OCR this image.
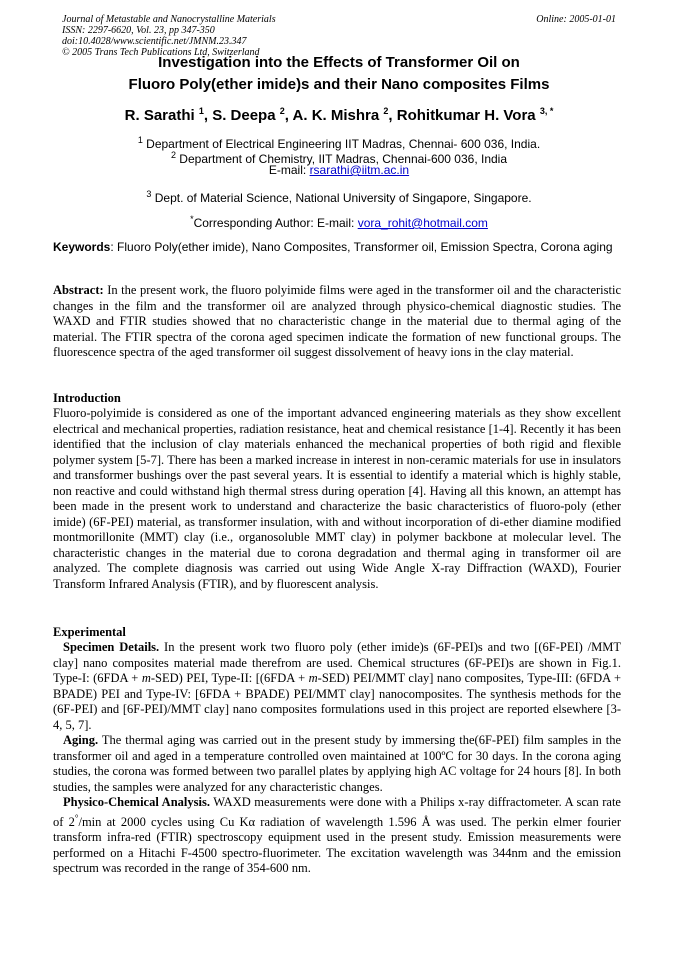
Journal of Metastable and Nanocrystalline Materials
ISSN: 2297-6620, Vol. 23, pp 347-350
doi:10.4028/www.scientific.net/JMNM.23.347
© 2005 Trans Tech Publications Ltd, Switzerland
Online: 2005-01-01
Investigation into the Effects of Transformer Oil on
Fluoro Poly(ether imide)s and their Nano composites Films
R. Sarathi $^1$, S. Deepa $^2$, A. K. Mishra $^2$, Rohitkumar H. Vora $^{3, *}$
$^1$ Department of Electrical Engineering IIT Madras, Chennai- 600 036, India.
$^2$ Department of Chemistry, IIT Madras, Chennai-600 036, India
E-mail: rsarathi@iitm.ac.in
$^3$ Dept. of Material Science, National University of Singapore, Singapore.
*Corresponding Author: E-mail: vora_rohit@hotmail.com
Keywords: Fluoro Poly(ether imide), Nano Composites, Transformer oil, Emission Spectra, Corona aging
Abstract: In the present work, the fluoro polyimide films were aged in the transformer oil and the characteristic changes in the film and the transformer oil are analyzed through physico-chemical diagnostic studies. The WAXD and FTIR studies showed that no characteristic change in the material due to thermal aging of the material. The FTIR spectra of the corona aged specimen indicate the formation of new functional groups. The fluorescence spectra of the aged transformer oil suggest dissolvement of heavy ions in the clay material.
Introduction
Fluoro-polyimide is considered as one of the important advanced engineering materials as they show excellent electrical and mechanical properties, radiation resistance, heat and chemical resistance [1-4]. Recently it has been identified that the inclusion of clay materials enhanced the mechanical properties of both rigid and flexible polymer system [5-7]. There has been a marked increase in interest in non-ceramic materials for use in insulators and transformer bushings over the past several years. It is essential to identify a material which is highly stable, non reactive and could withstand high thermal stress during operation [4]. Having all this known, an attempt has been made in the present work to understand and characterize the basic characteristics of fluoro-poly (ether imide) (6F-PEI) material, as transformer insulation, with and without incorporation of di-ether diamine modified montmorillonite (MMT) clay (i.e., organosoluble MMT clay) in polymer backbone at molecular level. The characteristic changes in the material due to corona degradation and thermal aging in transformer oil are analyzed. The complete diagnosis was carried out using Wide Angle X-ray Diffraction (WAXD), Fourier Transform Infrared Analysis (FTIR), and by fluorescent analysis.
Experimental
Specimen Details. In the present work two fluoro poly (ether imide)s (6F-PEI)s and two [(6F-PEI) /MMT clay] nano composites material made therefrom are used. Chemical structures (6F-PEI)s are shown in Fig.1. Type-I: (6FDA + m-SED) PEI, Type-II: [(6FDA + m-SED) PEI/MMT clay] nano composites, Type-III: (6FDA + BPADE) PEI and Type-IV: [6FDA + BPADE) PEI/MMT clay] nanocomposites. The synthesis methods for the (6F-PEI) and [6F-PEI)/MMT clay] nano composites formulations used in this project are reported elsewhere [3-4, 5, 7].
Aging. The thermal aging was carried out in the present study by immersing the(6F-PEI) film samples in the transformer oil and aged in a temperature controlled oven maintained at 100ºC for 30 days. In the corona aging studies, the corona was formed between two parallel plates by applying high AC voltage for 24 hours [8]. In both studies, the samples were analyzed for any characteristic changes.
Physico-Chemical Analysis. WAXD measurements were done with a Philips x-ray diffractometer. A scan rate of 2°/min at 2000 cycles using Cu Kα radiation of wavelength 1.596 Å was used. The perkin elmer fourier transform infra-red (FTIR) spectroscopy equipment used in the present study. Emission measurements were performed on a Hitachi F-4500 spectro-fluorimeter. The excitation wavelength was 344nm and the emission spectrum was recorded in the range of 354-600 nm.
